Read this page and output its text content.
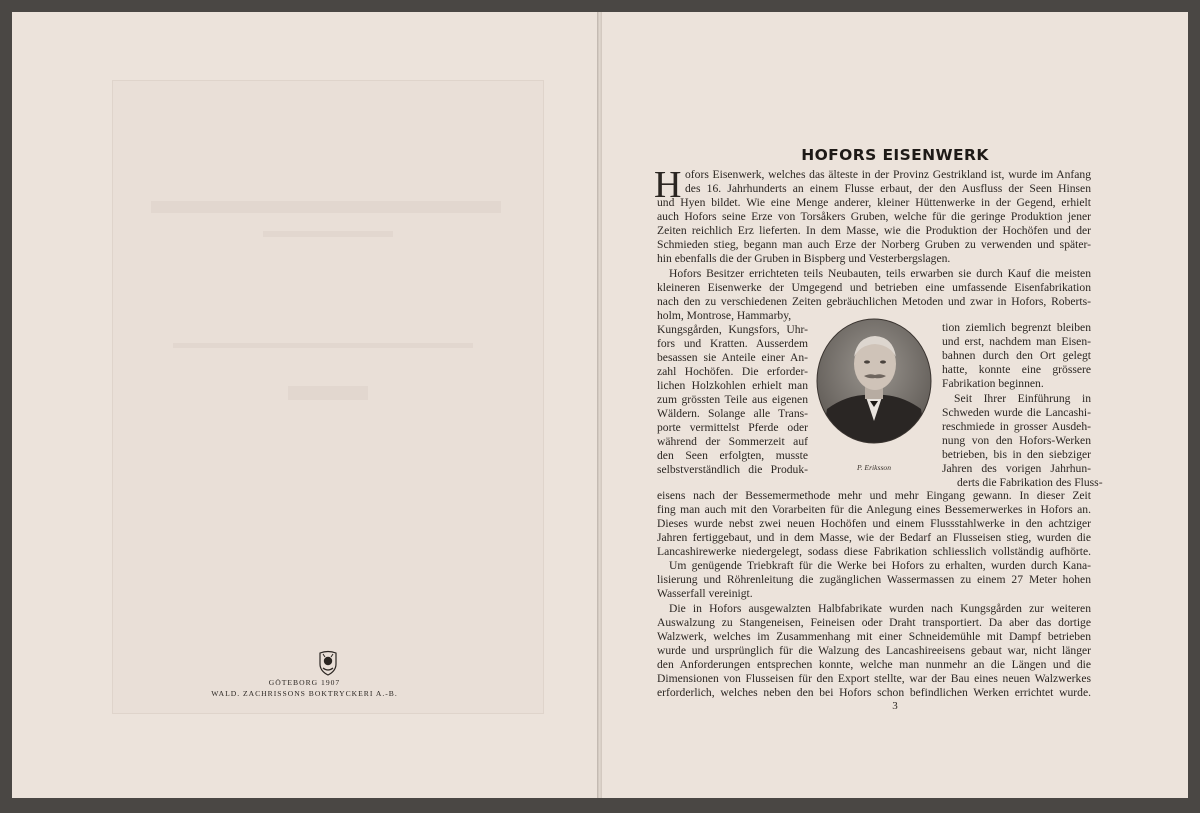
GÖTEBORG 1907
WALD. ZACHRISSONS BOKTRYCKERI A.-B.
HOFORS EISENWERK
H ofors Eisenwerk, welches das älteste in der Provinz Gestrikland ist, wurde im Anfang
des 16. Jahrhunderts an einem Flusse erbaut, der den Ausfluss der Seen Hinsen
und Hyen bildet. Wie eine Menge anderer, kleiner Hüttenwerke in der Gegend, erhielt
auch Hofors seine Erze von Torsåkers Gruben, welche für die geringe Produktion jener
Zeiten reichlich Erz lieferten. In dem Masse, wie die Produktion der Hochöfen und der
Schmieden stieg, begann man auch Erze der Norberg Gruben zu verwenden und später-
hin ebenfalls die der Gruben in Bispberg und Vesterbergslagen.
Hofors Besitzer errichteten teils Neubauten, teils erwarben sie durch Kauf die meisten
kleineren Eisenwerke der Umgegend und betrieben eine umfassende Eisenfabrikation
nach den zu verschiedenen Zeiten gebräuchlichen Metoden und zwar in Hofors, Roberts-
holm, Montrose, Hammarby,
Kungsgården, Kungsfors, Uhr-
fors und Kratten. Ausserdem
besassen sie Anteile einer An-
zahl Hochöfen. Die erforder-
lichen Holzkohlen erhielt man
zum grössten Teile aus eigenen
Wäldern. Solange alle Trans-
porte vermittelst Pferde oder
während der Sommerzeit auf
den Seen erfolgten, musste
selbstverständlich die Produk-	P. Eriksson
tion ziemlich begrenzt bleiben
und erst, nachdem man Eisen-
bahnen durch den Ort gelegt
hatte, konnte eine grössere
Fabrikation beginnen.
Seit Ihrer Einführung in
Schweden wurde die Lancashi-
reschmiede in grosser Ausdeh-
nung von den Hofors-Werken
betrieben, bis in den siebziger
Jahren des vorigen Jahrhun-
derts die Fabrikation des Fluss-
eisens nach der Bessemermethode mehr und mehr Eingang gewann. In dieser Zeit
fing man auch mit den Vorarbeiten für die Anlegung eines Bessemerwerkes in Hofors an.
Dieses wurde nebst zwei neuen Hochöfen und einem Flussstahlwerke in den achtziger
Jahren fertiggebaut, und in dem Masse, wie der Bedarf an Flusseisen stieg, wurden die
Lancashirewerke niedergelegt, sodass diese Fabrikation schliesslich vollständig aufhörte.
Um genügende Triebkraft für die Werke bei Hofors zu erhalten, wurden durch Kana-
lisierung und Röhrenleitung die zugänglichen Wassermassen zu einem 27 Meter hohen
Wasserfall vereinigt.
Die in Hofors ausgewalzten Halbfabrikate wurden nach Kungsgården zur weiteren
Auswalzung zu Stangeneisen, Feineisen oder Draht transportiert. Da aber das dortige
Walzwerk, welches im Zusammenhang mit einer Schneidemühle mit Dampf betrieben
wurde und ursprünglich für die Walzung des Lancashireeisens gebaut war, nicht länger
den Anforderungen entsprechen konnte, welche man nunmehr an die Längen und die
Dimensionen von Flusseisen für den Export stellte, war der Bau eines neuen Walzwerkes
erforderlich, welches neben den bei Hofors schon befindlichen Werken errichtet wurde.
3
